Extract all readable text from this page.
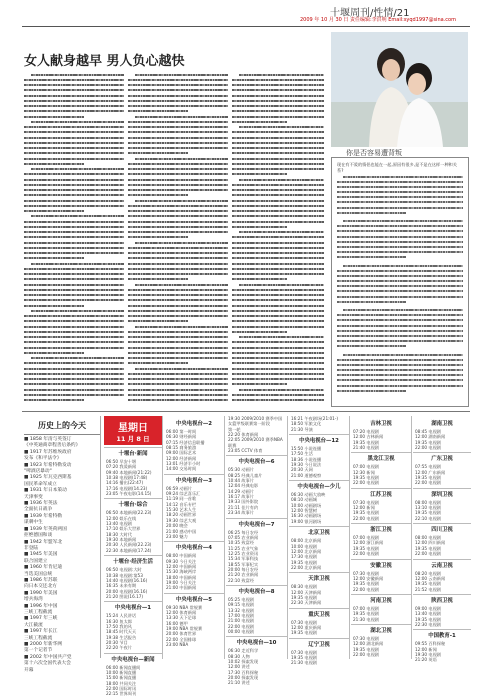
十堰周刊/性情/21
2009 年 10 月 30 日 责任编辑:李洪明 Email:syqd1997@sina.com
女人献身越早 男人负心越快
你是否容易遭背叛
现在有不爱的情侣也能在一起,原因有很多,是不是在这样一种和关系?
历史上的今天
■ 1858 年清与英签订
《中英通商章程善后条约》
■ 1917 年苏维埃政府
发布《和平法令》
■ 1923 年希特勒发动
"啤酒店暴动"
■ 1925 年瓦克西斯基
国民革命军成立
■ 1931 年日本策动
天津事变
■ 1936 年英法
全面抗日战争
■ 1939 年希特勒
谋刺中生
■ 1939 年英荷两国
拒绝德国和谈
■ 1942 年盟军北
非登陆
■ 1945 年美国
联合国建立
■ 1960 年肯尼迪
当选美国总统
■ 1986 年苏联
向日本交还北方
■ 1990 年美国
增兵海湾
■ 1996 年中国
三峡工程截流
■ 1997 年三峡
大江截流
■ 1997 年长江
三峡工程截流
■ 2000 年新华网
第一个记者节
■ 2002 年中国共产党
第十六次全国代表大会
开幕
星期日
11 月 8 日
十堰台·新闻
06:50 早安十堰
07:20 我爱新闻
09:40 本地新闻(21:22)
10:38 电视剧(17:48)
14:16 播出(22:47)
17:16 电视剧(14.23)
23:05 午夜电影(14.15)
十堰台·综合
06:50 本地新闻(22.23)
12:00 娱乐在线
13:40 电视剧
17:10 娱乐大世界
18:30 大时代
19:30 本地新闻
20:30 人民新闻(22.23)
22:30 本地新闻(17.24)
十堰台·经济生活
06:50 电视剧:大时
10:38 电视剧:第53
14:40 电视剧(16.16)
16:35 未来有期
20:00 电视剧(16.16)
21:20 图说(16.17)
中央电视台—1
15:24 人民讲话
16:30 鱼太郎
17:50 我的风
18:45 时代天天
19:38 生活报告
20:30 节目
22:20 午夜片
中央电视台—新闻
06:00 新闻直播间
10:00 新闻直播
15:00 新闻直播
18:00 共同关注
22:00 国际时讯
22:15 世界周刊
中央电视台—2
06:00 第一时间
06:30 财经新闻
07:15 经济信息联播
08:15 商务旅游
09:00 国际艺术
12:00 经济新闻
13:01 经济半小时
14:00 交易时间
中央电视台—3
06:59 动画片
09:24 综艺喜乐汇
11:19 同一首歌
14:12 音乐专栏
15:30 艺术人生
18:20 动画世界
19:30 综艺大观
20:00 晚会
21:00 感动中国
23:00 魅力
中央电视台—4
08:00 中国新闻
09:30 今日关注
12:00 中国新闻
15:30 海峡两岸
18:00 中国新闻
19:00 今日关注
21:00 中国新闻
中央电视台—5
09:30 NBA 常规赛
12:00 体育新闻
13:30 天下足球
16:00 德甲
19:00 NBA 常规赛
20:00 体育世界
22:00 全国排球
23:00 NBA
19:30 2009/2010 赛季中国
女篮甲级联赛第一阶段
第一轮
22:20 体育新闻
22:05 2009/2010 赛季NBA
联赛
23:05 CCTV 体育
中央电视台—6
05:30 动画片
08:25 经典儿童片
10:44 故事片
12:04 经典电影
14:29 动画片
16:17 故事片
19:33 国外影院
21:11 佳片有约
23:34 故事片
中央电视台—7
06:25 每日农经
07:05 农业新闻
10:35 致富经
11:25 农业气象
12:25 农业资讯
15:34 军事科技
18:55 军事纪实
20:00 每日农经
21:20 农业新闻
22:10 致富经
中央电视台—8
05:25 电视剧
09:15 电视剧
13:32 电视剧
17:00 电视剧
21:00 电视剧
22:00 电视剧
00:00 电视剧
中央电视台—10
06:30 走近科学
08:30 人物
10:02 探索发现
12:00 讲述
17:30 百科探秘
20:00 探索发现
21:10 讲述
16:21 午夜剧场(21:01-)
18:50 军旅文化
21:30 导演
中央电视台—12
15:50 小说连播
17:50 生活
18:36 小说连播
19:30 今日说法
20:30 天网
21:00 道德观察
中央电视台—少儿
06:30 动画大放映
08:10 动画城
10:00 动画剧场
12:00 智慧树
16:30 动画剧场
19:00 银河剧场
北京卫视
08:00 北京新闻
10:00 电视剧
12:00 北京新闻
17:30 电视剧
19:35 电视剧
22:00 北京新闻
天津卫视
08:30 电视剧
12:00 天津新闻
19:35 电视剧
22:30 天津新闻
重庆卫视
07:30 电视剧
12:00 重庆新闻
19:35 电视剧
辽宁卫视
07:30 电视剧
19:35 电视剧
21:30 电视剧
吉林卫视
07:20 电视剧
12:00 吉林新闻
19:35 电视剧
21:40 电视剧
黑龙江卫视
07:00 电视剧
12:30 新闻
19:35 电视剧
22:00 电视剧
江苏卫视
07:30 电视剧
12:00 新闻
19:35 电视剧
22:00 电视剧
浙江卫视
07:00 电视剧
12:00 浙江新闻
19:35 电视剧
22:00 电视剧
安徽卫视
07:30 电视剧
12:00 安徽新闻
19:35 电视剧
22:00 电视剧
河南卫视
07:00 电视剧
19:35 电视剧
21:30 电视剧
湖北卫视
07:30 电视剧
12:00 湖北新闻
19:35 电视剧
22:00 电视剧
湖南卫视
08:45 电视剧
12:00 湖南新闻
19:35 电视剧
22:00 电视剧
广东卫视
07:55 电视剧
12:00 广东新闻
19:35 电视剧
22:00 电视剧
深圳卫视
08:00 电视剧
13:10 电视剧
19:35 电视剧
22:10 电视剧
四川卫视
08:00 电视剧
12:00 四川新闻
19:35 电视剧
22:00 电视剧
云南卫视
08:20 电视剧
12:00 云南新闻
19:35 电视剧
21:52 电视剧
陕西卫视
09:00 电视剧
13:40 电视剧
19:35 电视剧
22:30 电视剧
中国教育-1
09:55 百科探秘
12:00 新闻
19:30 电视剧
21:20 英语
